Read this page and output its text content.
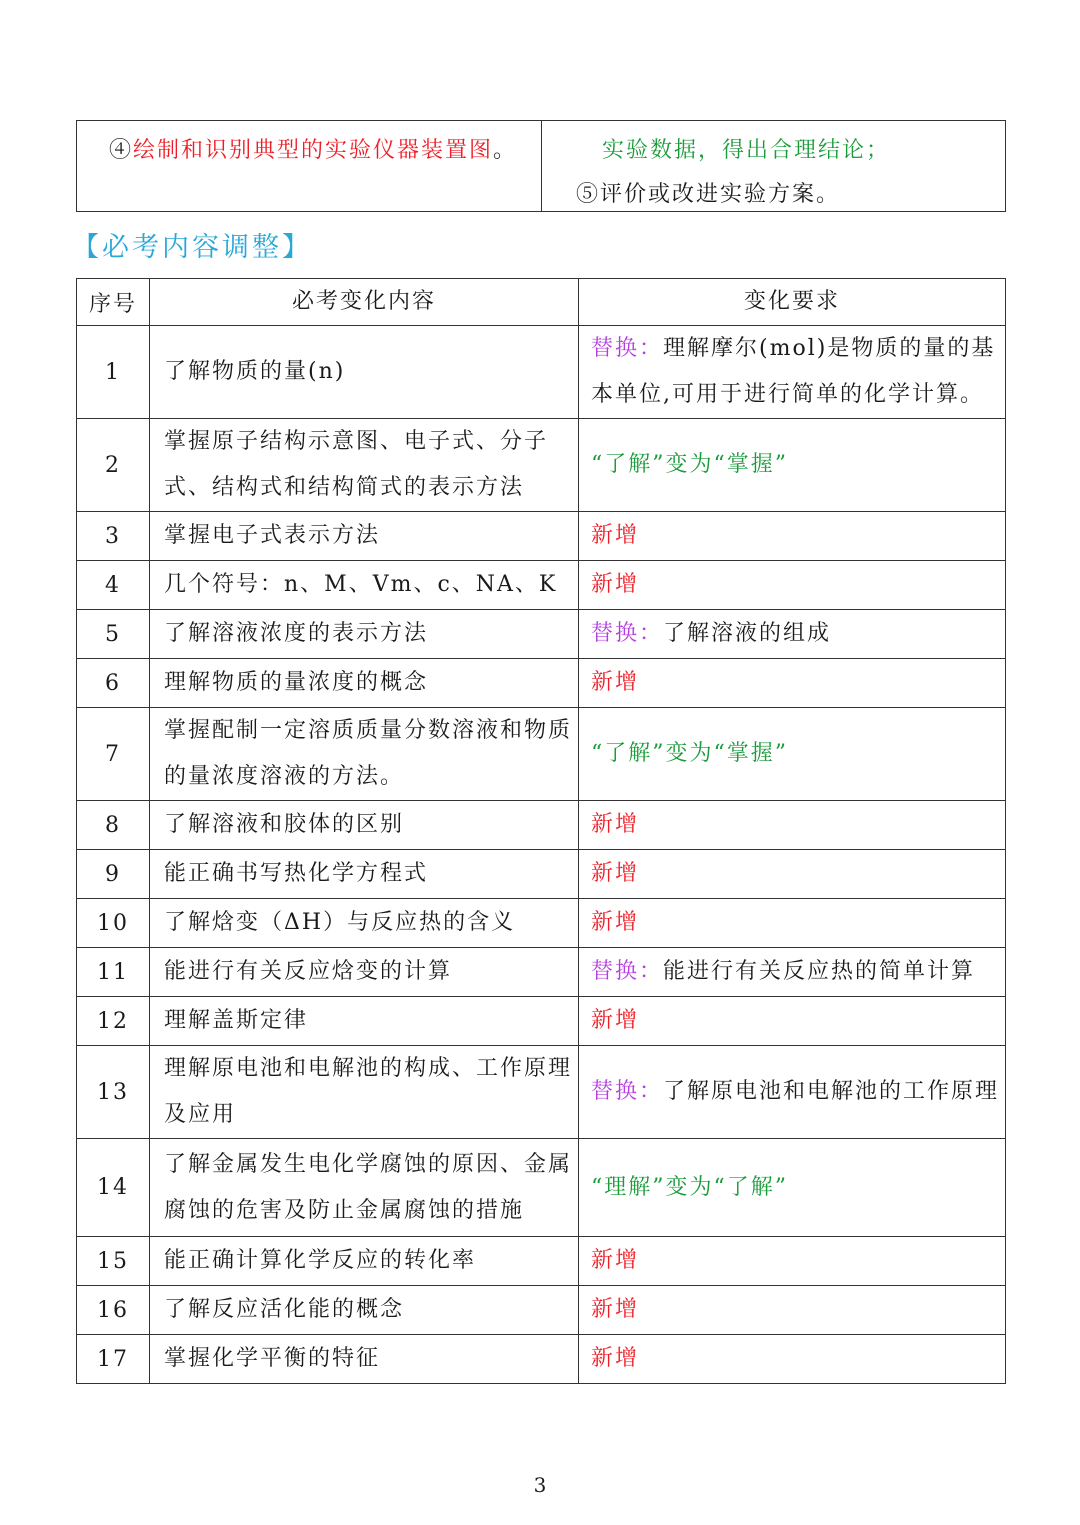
④绘制和识别典型的实验仪器装置图。	实验数据，得出合理结论；
⑤评价或改进实验方案。
【必考内容调整】
序号	必考变化内容	变化要求
1	了解物质的量(n)	替换：理解摩尔(mol)是物质的量的基本单位,可用于进行简单的化学计算。
2	掌握原子结构示意图、电子式、分子式、结构式和结构简式的表示方法	“了解”变为“掌握”
3	掌握电子式表示方法	新增
4	几个符号：n、M、Vm、c、NA、K	新增
5	了解溶液浓度的表示方法	替换：了解溶液的组成
6	理解物质的量浓度的概念	新增
7	掌握配制一定溶质质量分数溶液和物质的量浓度溶液的方法。	“了解”变为“掌握”
8	了解溶液和胶体的区别	新增
9	能正确书写热化学方程式	新增
10	了解焓变（ΔH）与反应热的含义	新增
11	能进行有关反应焓变的计算	替换：能进行有关反应热的简单计算
12	理解盖斯定律	新增
13	理解原电池和电解池的构成、工作原理及应用	替换：了解原电池和电解池的工作原理
14	了解金属发生电化学腐蚀的原因、金属腐蚀的危害及防止金属腐蚀的措施	“理解”变为“了解”
15	能正确计算化学反应的转化率	新增
16	了解反应活化能的概念	新增
17	掌握化学平衡的特征	新增
3
